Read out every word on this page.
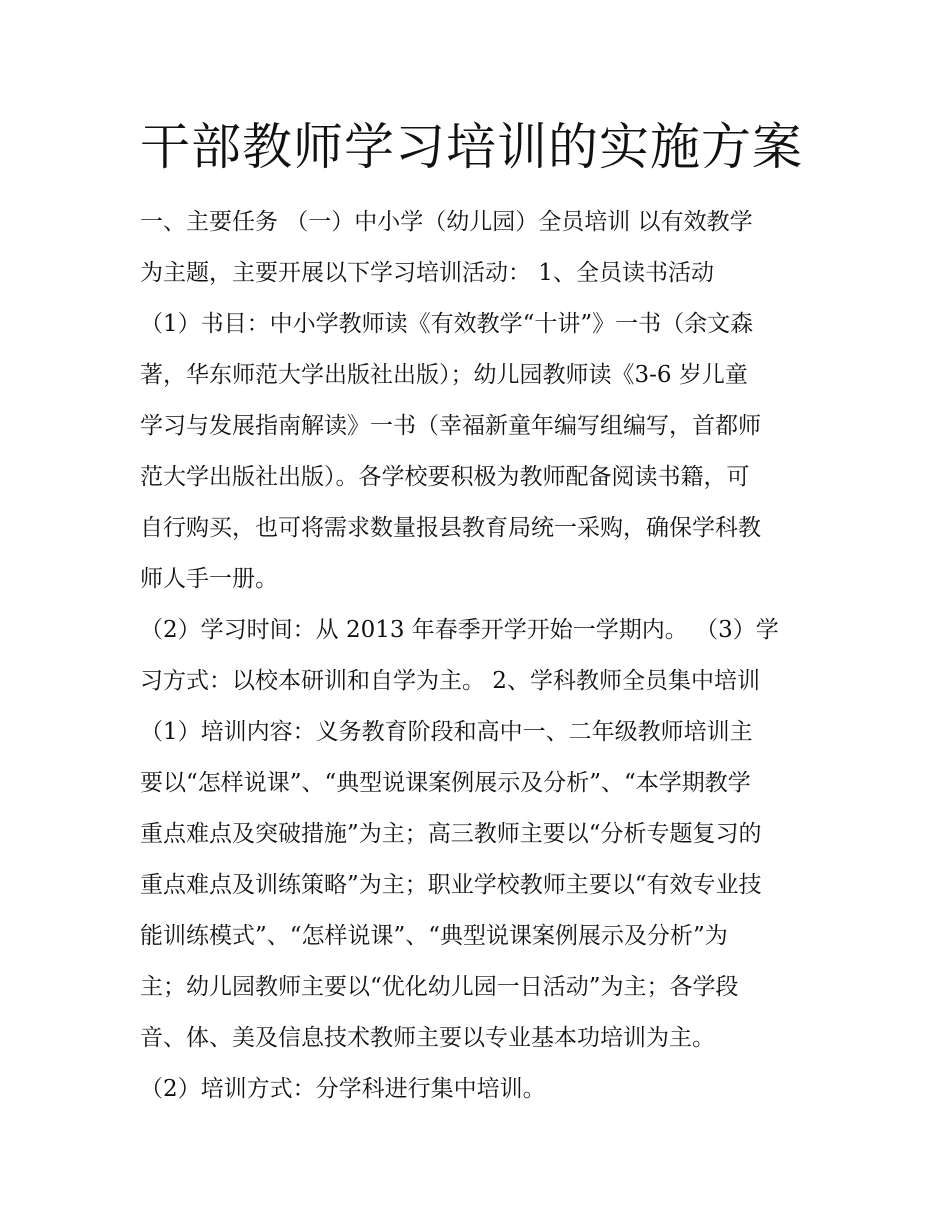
干部教师学习培训的实施方案
一、主要任务 （一）中小学（幼儿园）全员培训 以有效教学
为主题，主要开展以下学习培训活动： 1、全员读书活动
（1）书目：中小学教师读《有效教学“十讲”》一书（余文森
著，华东师范大学出版社出版）；幼儿园教师读《3-6 岁儿童
学习与发展指南解读》一书（幸福新童年编写组编写，首都师
范大学出版社出版）。各学校要积极为教师配备阅读书籍，可
自行购买，也可将需求数量报县教育局统一采购，确保学科教
师人手一册。
（2）学习时间：从 2013 年春季开学开始一学期内。 （3）学
习方式：以校本研训和自学为主。 2、学科教师全员集中培训
（1）培训内容：义务教育阶段和高中一、二年级教师培训主
要以“怎样说课”、“典型说课案例展示及分析”、“本学期教学
重点难点及突破措施”为主；高三教师主要以“分析专题复习的
重点难点及训练策略”为主；职业学校教师主要以“有效专业技
能训练模式”、“怎样说课”、“典型说课案例展示及分析”为
主；幼儿园教师主要以“优化幼儿园一日活动”为主；各学段
音、体、美及信息技术教师主要以专业基本功培训为主。
（2）培训方式：分学科进行集中培训。
